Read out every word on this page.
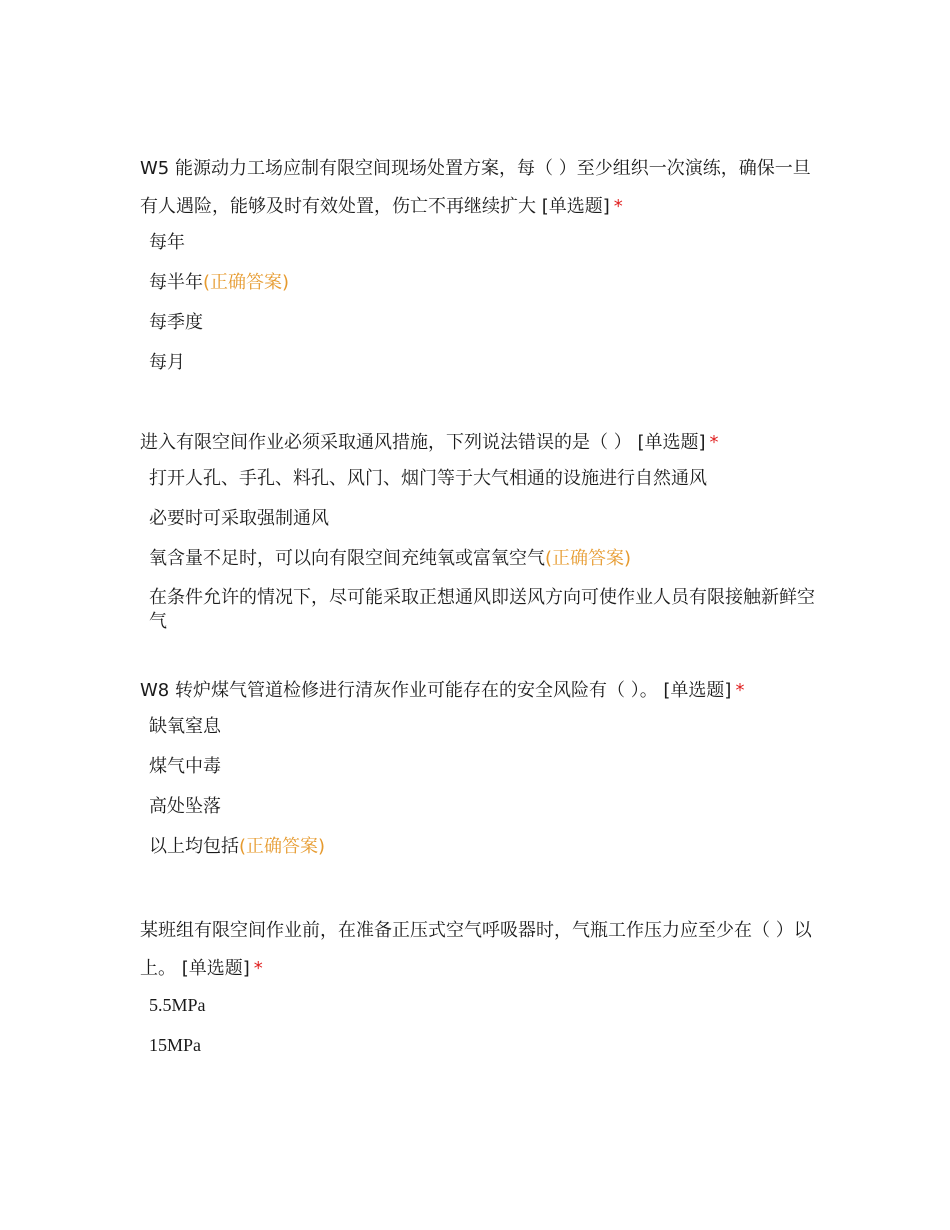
W5 能源动力工场应制有限空间现场处置方案，每（ ）至少组织一次演练，确保一旦有人遇险，能够及时有效处置，伤亡不再继续扩大 [单选题] *

每年
每半年(正确答案)
每季度
每月

进入有限空间作业必须采取通风措施，下列说法错误的是（ ） [单选题] *

打开人孔、手孔、料孔、风门、烟门等于大气相通的设施进行自然通风
必要时可采取强制通风
氧含量不足时，可以向有限空间充纯氧或富氧空气(正确答案)
在条件允许的情况下，尽可能采取正想通风即送风方向可使作业人员有限接触新鲜空气

W8 转炉煤气管道检修进行清灰作业可能存在的安全风险有（ ）。 [单选题] *

缺氧窒息
煤气中毒
高处坠落
以上均包括(正确答案)

某班组有限空间作业前，在准备正压式空气呼吸器时，气瓶工作压力应至少在（ ）以上。 [单选题] *

5.5MPa
15MPa
